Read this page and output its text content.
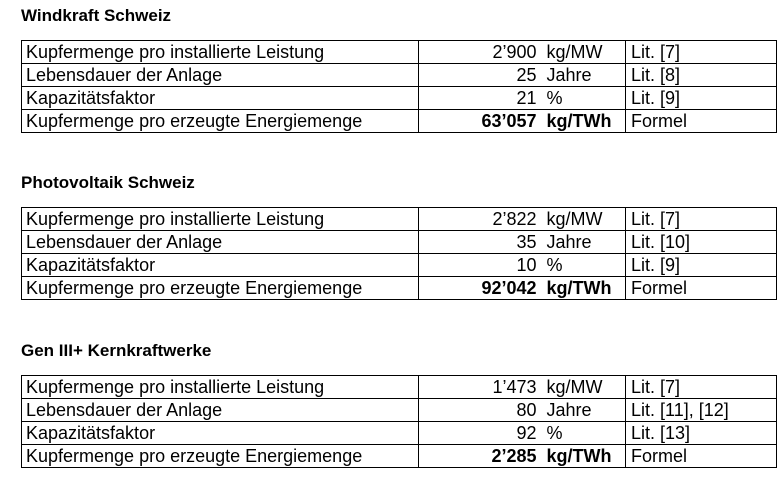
Windkraft Schweiz
Kupfermenge pro installierte Leistung	2’900	kg/MW	Lit. [7]
Lebensdauer der Anlage	25	Jahre	Lit. [8]
Kapazitätsfaktor	21	%	Lit. [9]
Kupfermenge pro erzeugte Energiemenge	63’057	kg/TWh	Formel
Photovoltaik Schweiz
Kupfermenge pro installierte Leistung	2’822	kg/MW	Lit. [7]
Lebensdauer der Anlage	35	Jahre	Lit. [10]
Kapazitätsfaktor	10	%	Lit. [9]
Kupfermenge pro erzeugte Energiemenge	92’042	kg/TWh	Formel
Gen III+ Kernkraftwerke
Kupfermenge pro installierte Leistung	1’473	kg/MW	Lit. [7]
Lebensdauer der Anlage	80	Jahre	Lit. [11], [12]
Kapazitätsfaktor	92	%	Lit. [13]
Kupfermenge pro erzeugte Energiemenge	2’285	kg/TWh	Formel
